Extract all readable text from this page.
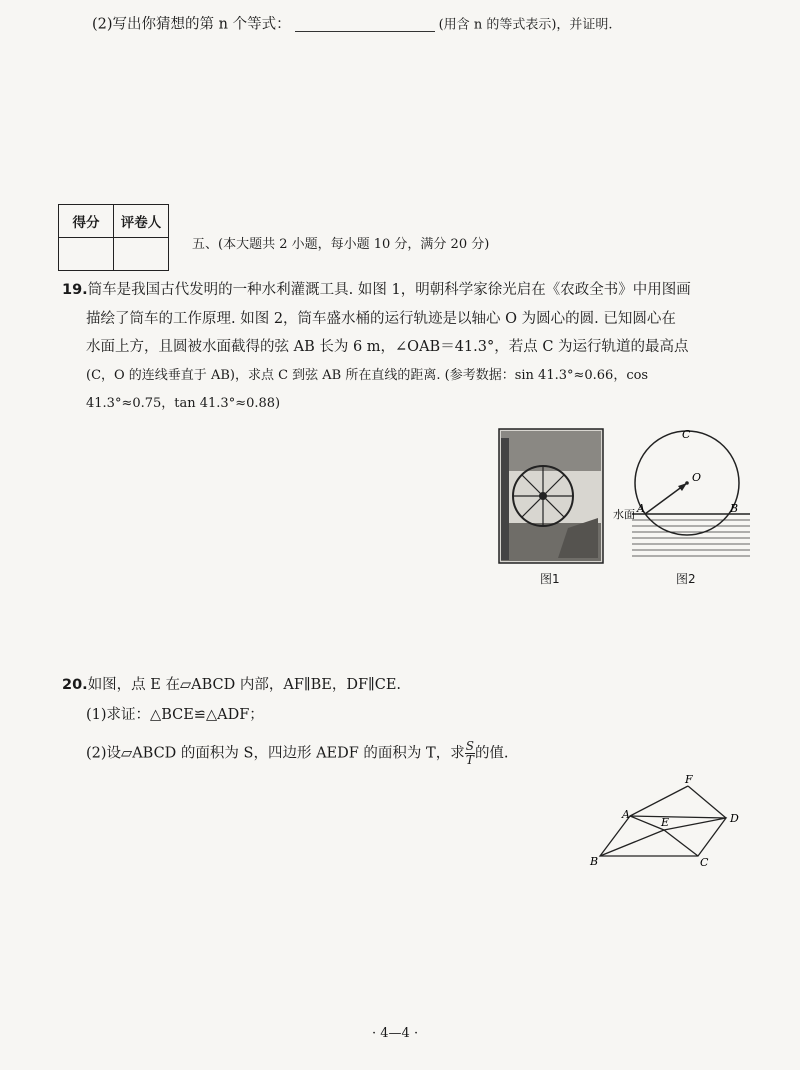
(2)写出你猜想的第 n 个等式：	(用含 n 的等式表示)，并证明.
得分	评卷人

五、(本大题共 2 小题，每小题 10 分，满分 20 分)
19.筒车是我国古代发明的一种水利灌溉工具. 如图 1，明朝科学家徐光启在《农政全书》中用图画
描绘了筒车的工作原理. 如图 2，筒车盛水桶的运行轨迹是以轴心 O 为圆心的圆. 已知圆心在
水面上方，且圆被水面截得的弦 AB 长为 6 m，∠OAB＝41.3°，若点 C 为运行轨道的最高点
(C，O 的连线垂直于 AB)，求点 C 到弦 AB 所在直线的距离. (参考数据：sin 41.3°≈0.66，cos
41.3°≈0.75，tan 41.3°≈0.88)
图1
O
C
A	B
水面
图2
20.如图，点 E 在▱ABCD 内部，AF∥BE，DF∥CE.
(1)求证：△BCE≌△ADF；
(2)设▱ABCD 的面积为 S，四边形 AEDF 的面积为 T，求 $\frac{S}{T}$ 的值.
F
A	D
E
B	C
· 4—4 ·
